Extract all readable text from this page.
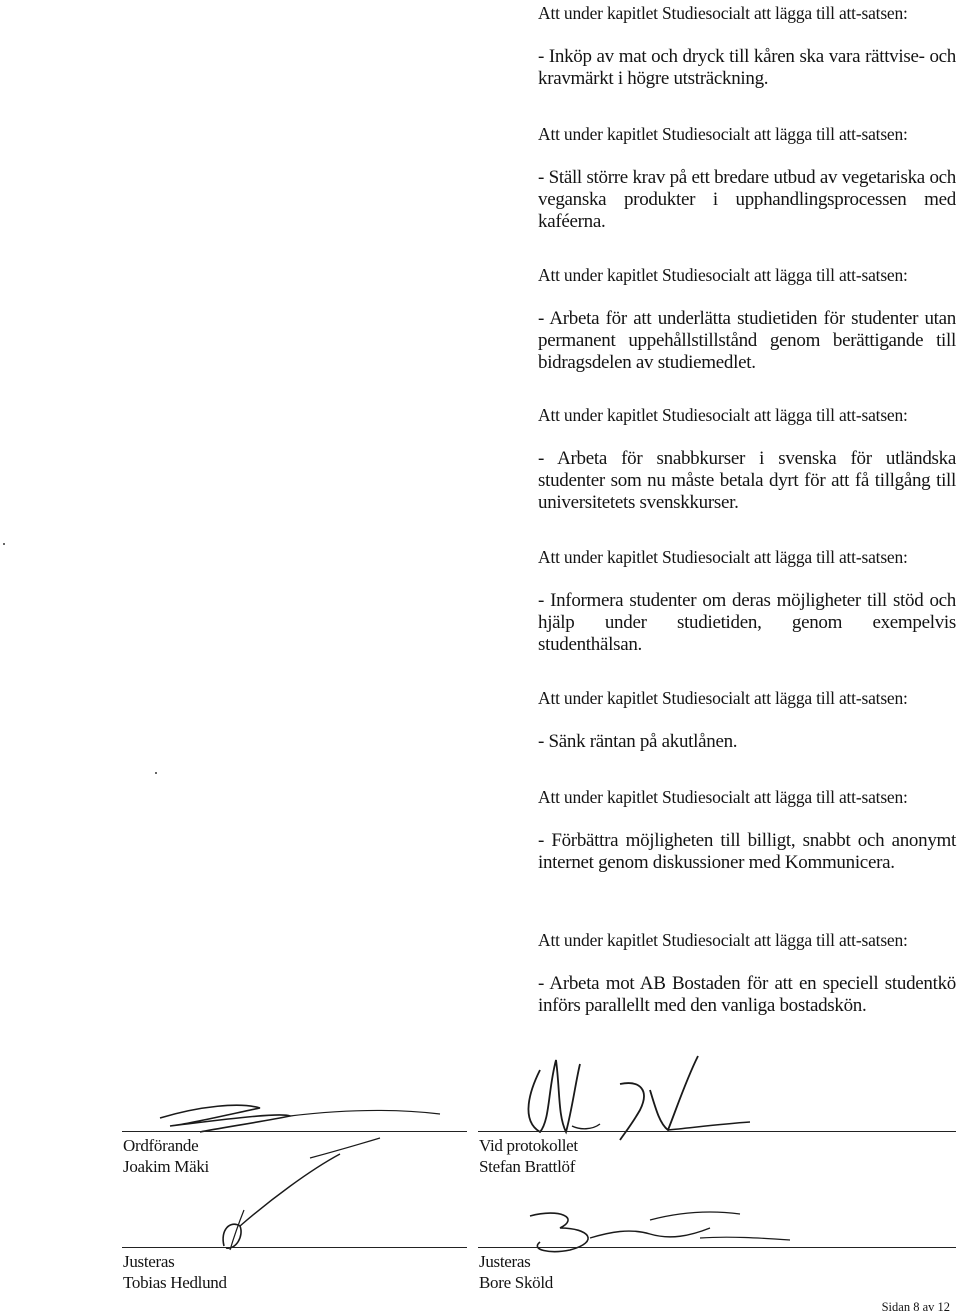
Att under kapitlet Studiesocialt att lägga till att-satsen:

- Inköp av mat och dryck till kåren ska vara rättvise- och kravmärkt i högre utsträckning.

Att under kapitlet Studiesocialt att lägga till att-satsen:

- Ställ större krav på ett bredare utbud av vegetariska och veganska produkter i upphandlingsprocessen med kaféerna.

Att under kapitlet Studiesocialt att lägga till att-satsen:

- Arbeta för att underlätta studietiden för studenter utan permanent uppehållstillstånd genom berättigande till bidragsdelen av studiemedlet.

Att under kapitlet Studiesocialt att lägga till att-satsen:

- Arbeta för snabbkurser i svenska för utländska studenter som nu måste betala dyrt för att få tillgång till universitetets svenskkurser.

Att under kapitlet Studiesocialt att lägga till att-satsen:

- Informera studenter om deras möjligheter till stöd och hjälp under studietiden, genom exempelvis studenthälsan.

Att under kapitlet Studiesocialt att lägga till att-satsen:

- Sänk räntan på akutlånen.

Att under kapitlet Studiesocialt att lägga till att-satsen:

- Förbättra möjligheten till billigt, snabbt och anonymt internet genom diskussioner med Kommunicera.

Att under kapitlet Studiesocialt att lägga till att-satsen:

- Arbeta mot AB Bostaden för att en speciell studentkö införs parallellt med den vanliga bostadskön.

Ordförande
Joakim Mäki
Vid protokollet
Stefan Brattlöf
Justeras
Tobias Hedlund
Justeras
Bore Sköld
Sidan 8 av 12
